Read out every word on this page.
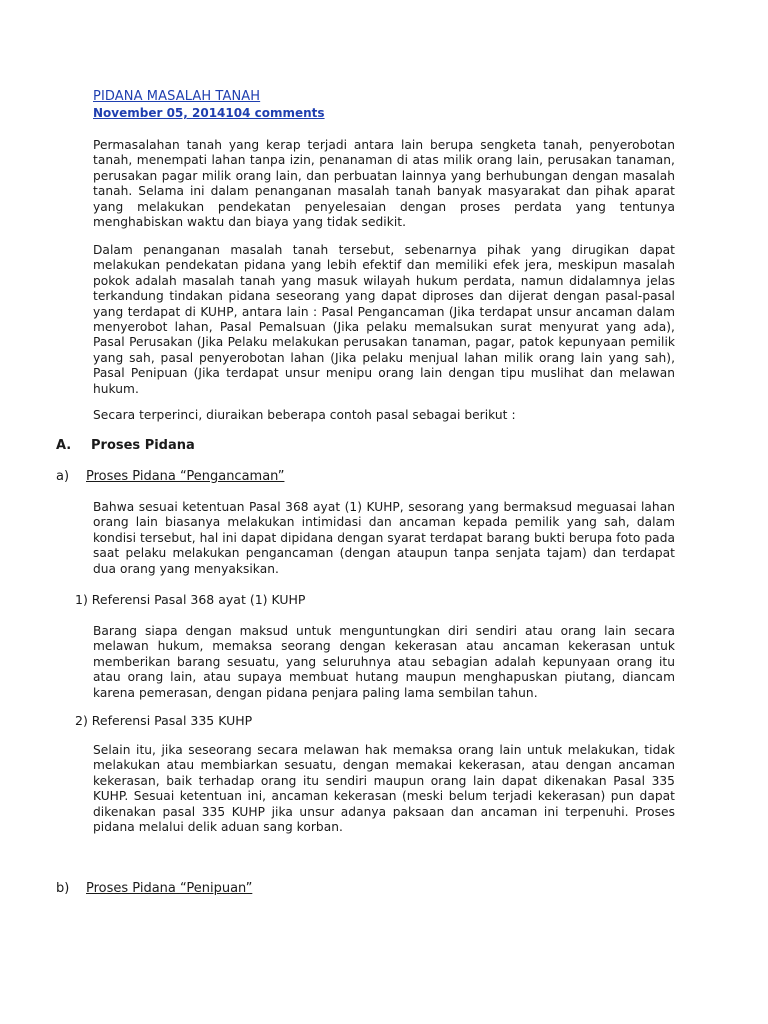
PIDANA MASALAH TANAH
November 05, 2014104 comments
Permasalahan tanah yang kerap terjadi antara lain berupa sengketa tanah, penyerobotan tanah, menempati lahan tanpa izin, penanaman di atas milik orang lain, perusakan tanaman, perusakan pagar milik orang lain, dan perbuatan lainnya yang berhubungan dengan masalah tanah. Selama ini dalam penanganan masalah tanah banyak masyarakat dan pihak aparat yang melakukan pendekatan penyelesaian dengan proses perdata yang tentunya menghabiskan waktu dan biaya yang tidak sedikit.
Dalam penanganan masalah tanah tersebut, sebenarnya pihak yang dirugikan dapat melakukan pendekatan pidana yang lebih efektif dan memiliki efek jera, meskipun masalah pokok adalah masalah tanah yang masuk wilayah hukum perdata, namun didalamnya jelas terkandung tindakan pidana seseorang yang dapat diproses dan dijerat dengan pasal-pasal yang terdapat di KUHP, antara lain : Pasal Pengancaman (Jika terdapat unsur ancaman dalam menyerobot lahan, Pasal Pemalsuan (Jika pelaku memalsukan surat menyurat yang ada), Pasal Perusakan (Jika Pelaku melakukan perusakan tanaman, pagar, patok kepunyaan pemilik yang sah, pasal penyerobotan lahan (Jika pelaku menjual lahan milik orang lain yang sah), Pasal Penipuan (Jika terdapat unsur menipu orang lain dengan tipu muslihat dan melawan hukum.
Secara terperinci, diuraikan beberapa contoh pasal sebagai berikut :
A. Proses Pidana
a) Proses Pidana “Pengancaman”
Bahwa sesuai ketentuan Pasal 368 ayat (1) KUHP, sesorang yang bermaksud meguasai lahan orang lain biasanya melakukan intimidasi dan ancaman kepada pemilik yang sah, dalam kondisi tersebut, hal ini dapat dipidana dengan syarat terdapat barang bukti berupa foto pada saat pelaku melakukan pengancaman (dengan ataupun tanpa senjata tajam) dan terdapat dua orang yang menyaksikan.
1) Referensi Pasal 368 ayat (1) KUHP
Barang siapa dengan maksud untuk menguntungkan diri sendiri atau orang lain secara melawan hukum, memaksa seorang dengan kekerasan atau ancaman kekerasan untuk memberikan barang sesuatu, yang seluruhnya atau sebagian adalah kepunyaan orang itu atau orang lain, atau supaya membuat hutang maupun menghapuskan piutang, diancam karena pemerasan, dengan pidana penjara paling lama sembilan tahun.
2) Referensi Pasal 335 KUHP
Selain itu, jika seseorang secara melawan hak memaksa orang lain untuk melakukan, tidak melakukan atau membiarkan sesuatu, dengan memakai kekerasan, atau dengan ancaman kekerasan, baik terhadap orang itu sendiri maupun orang lain dapat dikenakan Pasal 335 KUHP. Sesuai ketentuan ini, ancaman kekerasan (meski belum terjadi kekerasan) pun dapat dikenakan pasal 335 KUHP jika unsur adanya paksaan dan ancaman ini terpenuhi. Proses pidana melalui delik aduan sang korban.
b) Proses Pidana “Penipuan”
